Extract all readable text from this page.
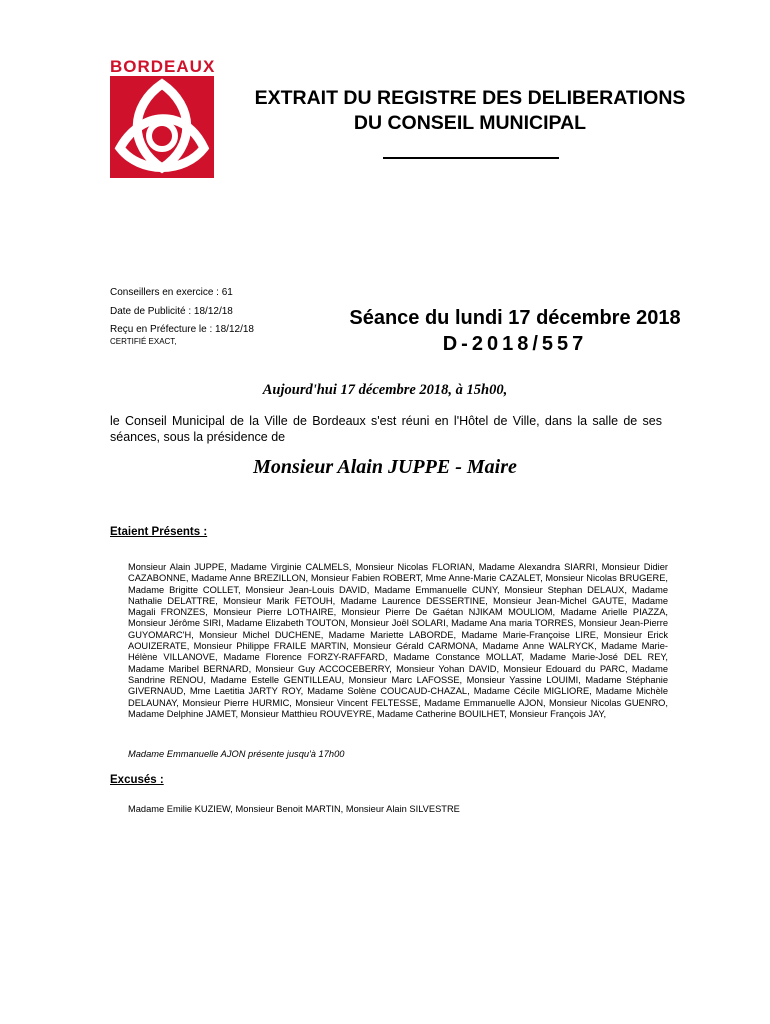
BORDEAUX
EXTRAIT DU REGISTRE DES DELIBERATIONS
DU CONSEIL MUNICIPAL
Conseillers en exercice : 61
Date de Publicité : 18/12/18
Reçu en Préfecture le : 18/12/18
CERTIFIÉ EXACT,
Séance du lundi 17 décembre 2018
D-2018/557
Aujourd'hui 17 décembre 2018, à 15h00,
le Conseil Municipal de la Ville de Bordeaux s'est réuni en l'Hôtel de Ville, dans la salle de ses séances, sous la présidence de
Monsieur Alain JUPPE - Maire
Etaient Présents :
Monsieur Alain JUPPE, Madame Virginie CALMELS, Monsieur Nicolas FLORIAN, Madame Alexandra SIARRI, Monsieur Didier CAZABONNE, Madame Anne BREZILLON, Monsieur Fabien ROBERT, Mme Anne-Marie CAZALET, Monsieur Nicolas BRUGERE, Madame Brigitte COLLET, Monsieur Jean-Louis DAVID, Madame Emmanuelle CUNY, Monsieur Stephan DELAUX, Madame Nathalie DELATTRE, Monsieur Marik FETOUH, Madame Laurence DESSERTINE, Monsieur Jean-Michel GAUTE, Madame Magali FRONZES, Monsieur Pierre LOTHAIRE, Monsieur Pierre De Gaétan NJIKAM MOULIOM, Madame Arielle PIAZZA, Monsieur Jérôme SIRI, Madame Elizabeth TOUTON, Monsieur Joël SOLARI, Madame Ana maria TORRES, Monsieur Jean-Pierre GUYOMARC'H, Monsieur Michel DUCHENE, Madame Mariette LABORDE, Madame Marie-Françoise LIRE, Monsieur Erick AOUIZERATE, Monsieur Philippe FRAILE MARTIN, Monsieur Gérald CARMONA, Madame Anne WALRYCK, Madame Marie-Hélène VILLANOVE, Madame Florence FORZY-RAFFARD, Madame Constance MOLLAT, Madame Marie-José DEL REY, Madame Maribel BERNARD, Monsieur Guy ACCOCEBERRY, Monsieur Yohan DAVID, Monsieur Edouard du PARC, Madame Sandrine RENOU, Madame Estelle GENTILLEAU, Monsieur Marc LAFOSSE, Monsieur Yassine LOUIMI, Madame Stéphanie GIVERNAUD, Mme Laetitia JARTY ROY, Madame Solène COUCAUD-CHAZAL, Madame Cécile MIGLIORE, Madame Michèle DELAUNAY, Monsieur Pierre HURMIC, Monsieur Vincent FELTESSE, Madame Emmanuelle AJON, Monsieur Nicolas GUENRO, Madame Delphine JAMET, Monsieur Matthieu ROUVEYRE, Madame Catherine BOUILHET, Monsieur François JAY,
Madame Emmanuelle AJON présente jusqu'à 17h00
Excusés :
Madame Emilie KUZIEW, Monsieur Benoit MARTIN, Monsieur Alain SILVESTRE
